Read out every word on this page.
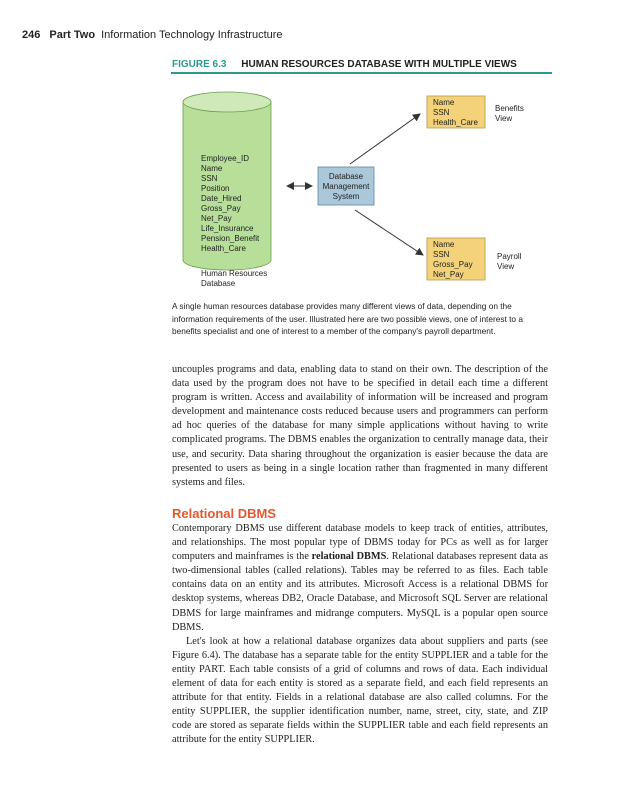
246 Part Two Information Technology Infrastructure
FIGURE 6.3 HUMAN RESOURCES DATABASE WITH MULTIPLE VIEWS
Employee_ID
Name
SSN
Position
Date_Hired
Gross_Pay
Net_Pay
Life_Insurance
Pension_Benefit
Health_Care
Human Resources
Database
Database
Management
System
Name
SSN
Health_Care
Benefits
View
Name
SSN
Gross_Pay
Net_Pay
Payroll
View
A single human resources database provides many different views of data, depending on the information requirements of the user. Illustrated here are two possible views, one of interest to a benefits specialist and one of interest to a member of the company's payroll department.

uncouples programs and data, enabling data to stand on their own. The description of the data used by the program does not have to be specified in detail each time a different program is written. Access and availability of information will be increased and program development and maintenance costs reduced because users and programmers can perform ad hoc queries of the database for many simple applications without having to write complicated programs. The DBMS enables the organization to centrally manage data, their use, and security. Data sharing throughout the organization is easier because the data are presented to users as being in a single location rather than fragmented in many different systems and files.

Relational DBMS

Contemporary DBMS use different database models to keep track of entities, attributes, and relationships. The most popular type of DBMS today for PCs as well as for larger computers and mainframes is the relational DBMS. Relational databases represent data as two-dimensional tables (called relations). Tables may be referred to as files. Each table contains data on an entity and its attributes. Microsoft Access is a relational DBMS for desktop systems, whereas DB2, Oracle Database, and Microsoft SQL Server are relational DBMS for large mainframes and midrange computers. MySQL is a popular open source DBMS.

Let's look at how a relational database organizes data about suppliers and parts (see Figure 6.4). The database has a separate table for the entity SUPPLIER and a table for the entity PART. Each table consists of a grid of columns and rows of data. Each individual element of data for each entity is stored as a separate field, and each field represents an attribute for that entity. Fields in a relational database are also called columns. For the entity SUPPLIER, the supplier identification number, name, street, city, state, and ZIP code are stored as separate fields within the SUPPLIER table and each field represents an attribute for the entity SUPPLIER.
